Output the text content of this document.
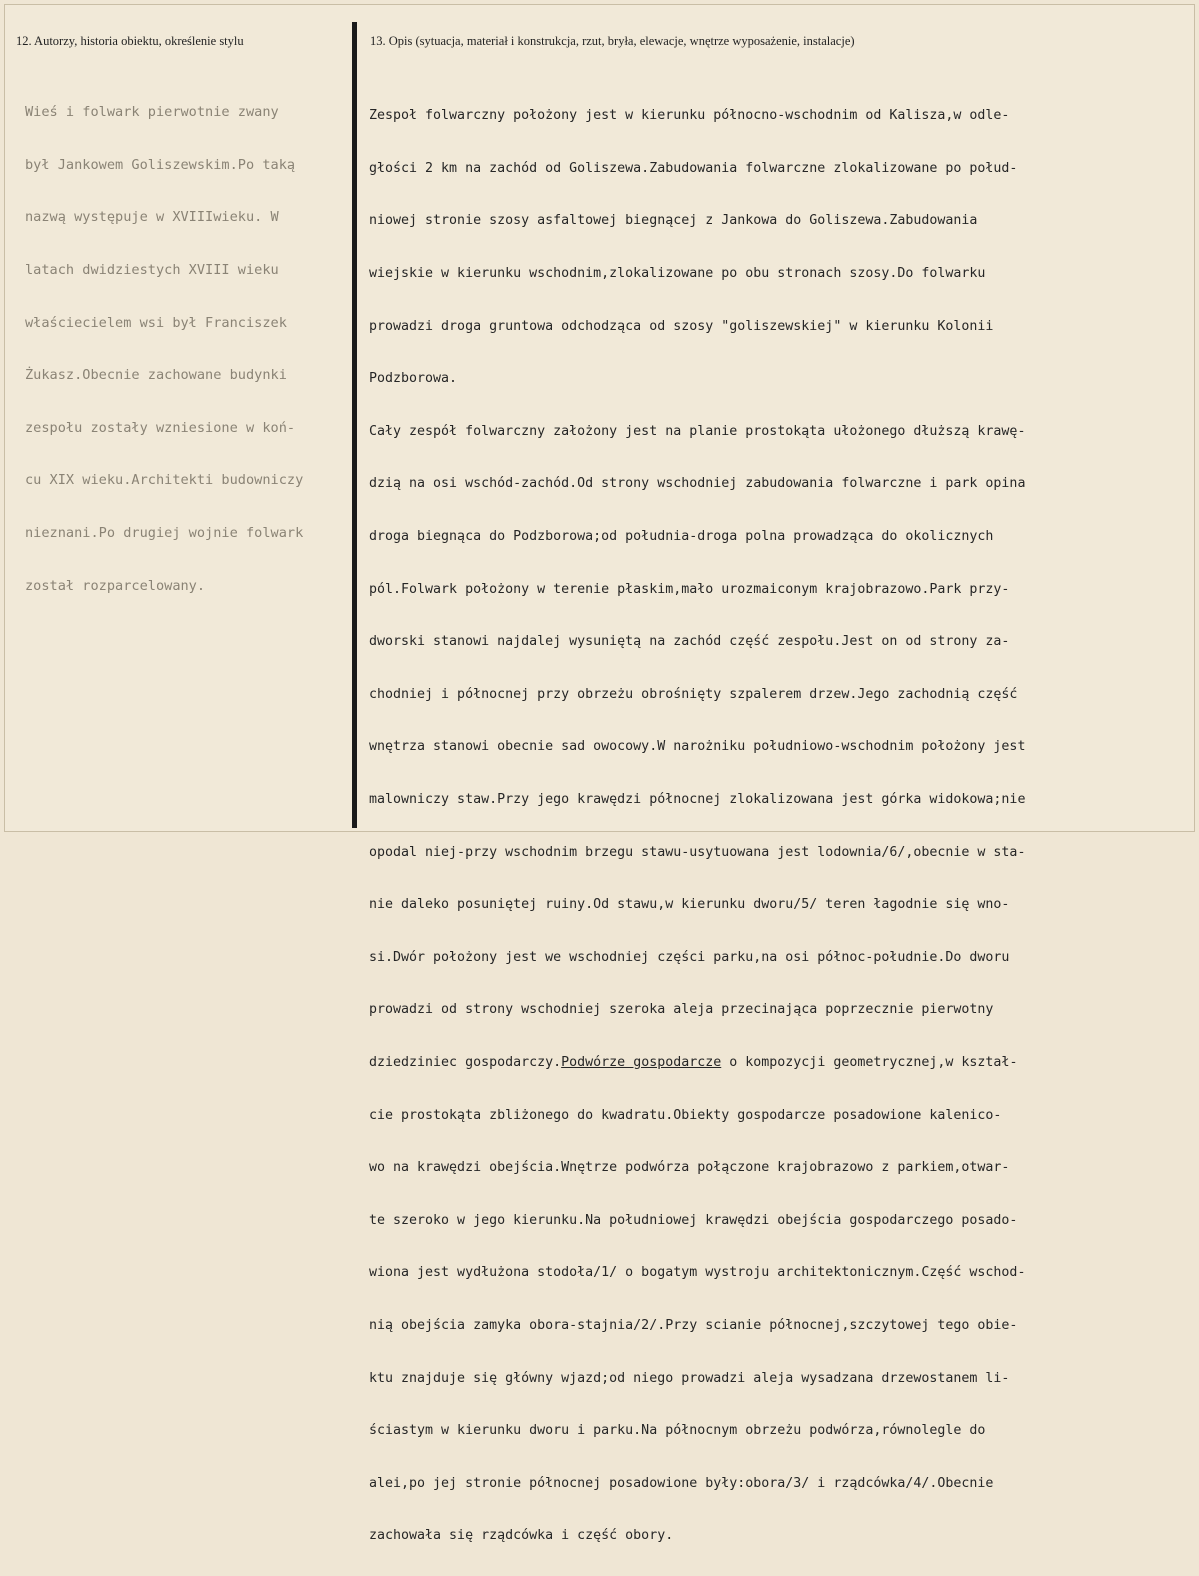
12. Autorzy, historia obiektu, określenie stylu	13. Opis (sytuacja, materiał i konstrukcja, rzut, bryła, elewacje, wnętrze wyposażenie, instalacje)

Wieś i folwark pierwotnie zwany

był Jankowem Goliszewskim.Po taką

nazwą występuje w XVIIIwieku. W

latach dwidziestych XVIII wieku

właściecielem wsi był Franciszek

Żukasz.Obecnie zachowane budynki

zespołu zostały wzniesione w koń-

cu XIX wieku.Architekti budowniczy

nieznani.Po drugiej wojnie folwark

został rozparcelowany.

Zespoł folwarczny położony jest w kierunku północno-wschodnim od Kalisza,w odle-

głości 2 km na zachód od Goliszewa.Zabudowania folwarczne zlokalizowane po połud-

niowej stronie szosy asfaltowej biegnącej z Jankowa do Goliszewa.Zabudowania

wiejskie w kierunku wschodnim,zlokalizowane po obu stronach szosy.Do folwarku

prowadzi droga gruntowa odchodząca od szosy "goliszewskiej" w kierunku Kolonii

Podzborowa.

Cały zespół folwarczny założony jest na planie prostokąta ułożonego dłuższą krawę-

dzią na osi wschód-zachód.Od strony wschodniej zabudowania folwarczne i park opina

droga biegnąca do Podzborowa;od południa-droga polna prowadząca do okolicznych

pól.Folwark położony w terenie płaskim,mało urozmaiconym krajobrazowo.Park przy-

dworski stanowi najdalej wysuniętą na zachód część zespołu.Jest on od strony za-

chodniej i północnej przy obrzeżu obrośnięty szpalerem drzew.Jego zachodnią część

wnętrza stanowi obecnie sad owocowy.W narożniku południowo-wschodnim położony jest

malowniczy staw.Przy jego krawędzi północnej zlokalizowana jest górka widokowa;nie

opodal niej-przy wschodnim brzegu stawu-usytuowana jest lodownia/6/,obecnie w sta-

nie daleko posuniętej ruiny.Od stawu,w kierunku dworu/5/ teren łagodnie się wno-

si.Dwór położony jest we wschodniej części parku,na osi północ-południe.Do dworu

prowadzi od strony wschodniej szeroka aleja przecinająca poprzecznie pierwotny

dziedziniec gospodarczy.Podwórze gospodarcze o kompozycji geometrycznej,w kształ-

cie prostokąta zbliżonego do kwadratu.Obiekty gospodarcze posadowione kalenico-

wo na krawędzi obejścia.Wnętrze podwórza połączone krajobrazowo z parkiem,otwar-

te szeroko w jego kierunku.Na południowej krawędzi obejścia gospodarczego posado-

wiona jest wydłużona stodoła/1/ o bogatym wystroju architektonicznym.Część wschod-

nią obejścia zamyka obora-stajnia/2/.Przy scianie północnej,szczytowej tego obie-

ktu znajduje się główny wjazd;od niego prowadzi aleja wysadzana drzewostanem li-

ściastym w kierunku dworu i parku.Na północnym obrzeżu podwórza,równolegle do

alei,po jej stronie północnej posadowione były:obora/3/ i rządcówka/4/.Obecnie

zachowała się rządcówka i część obory.
